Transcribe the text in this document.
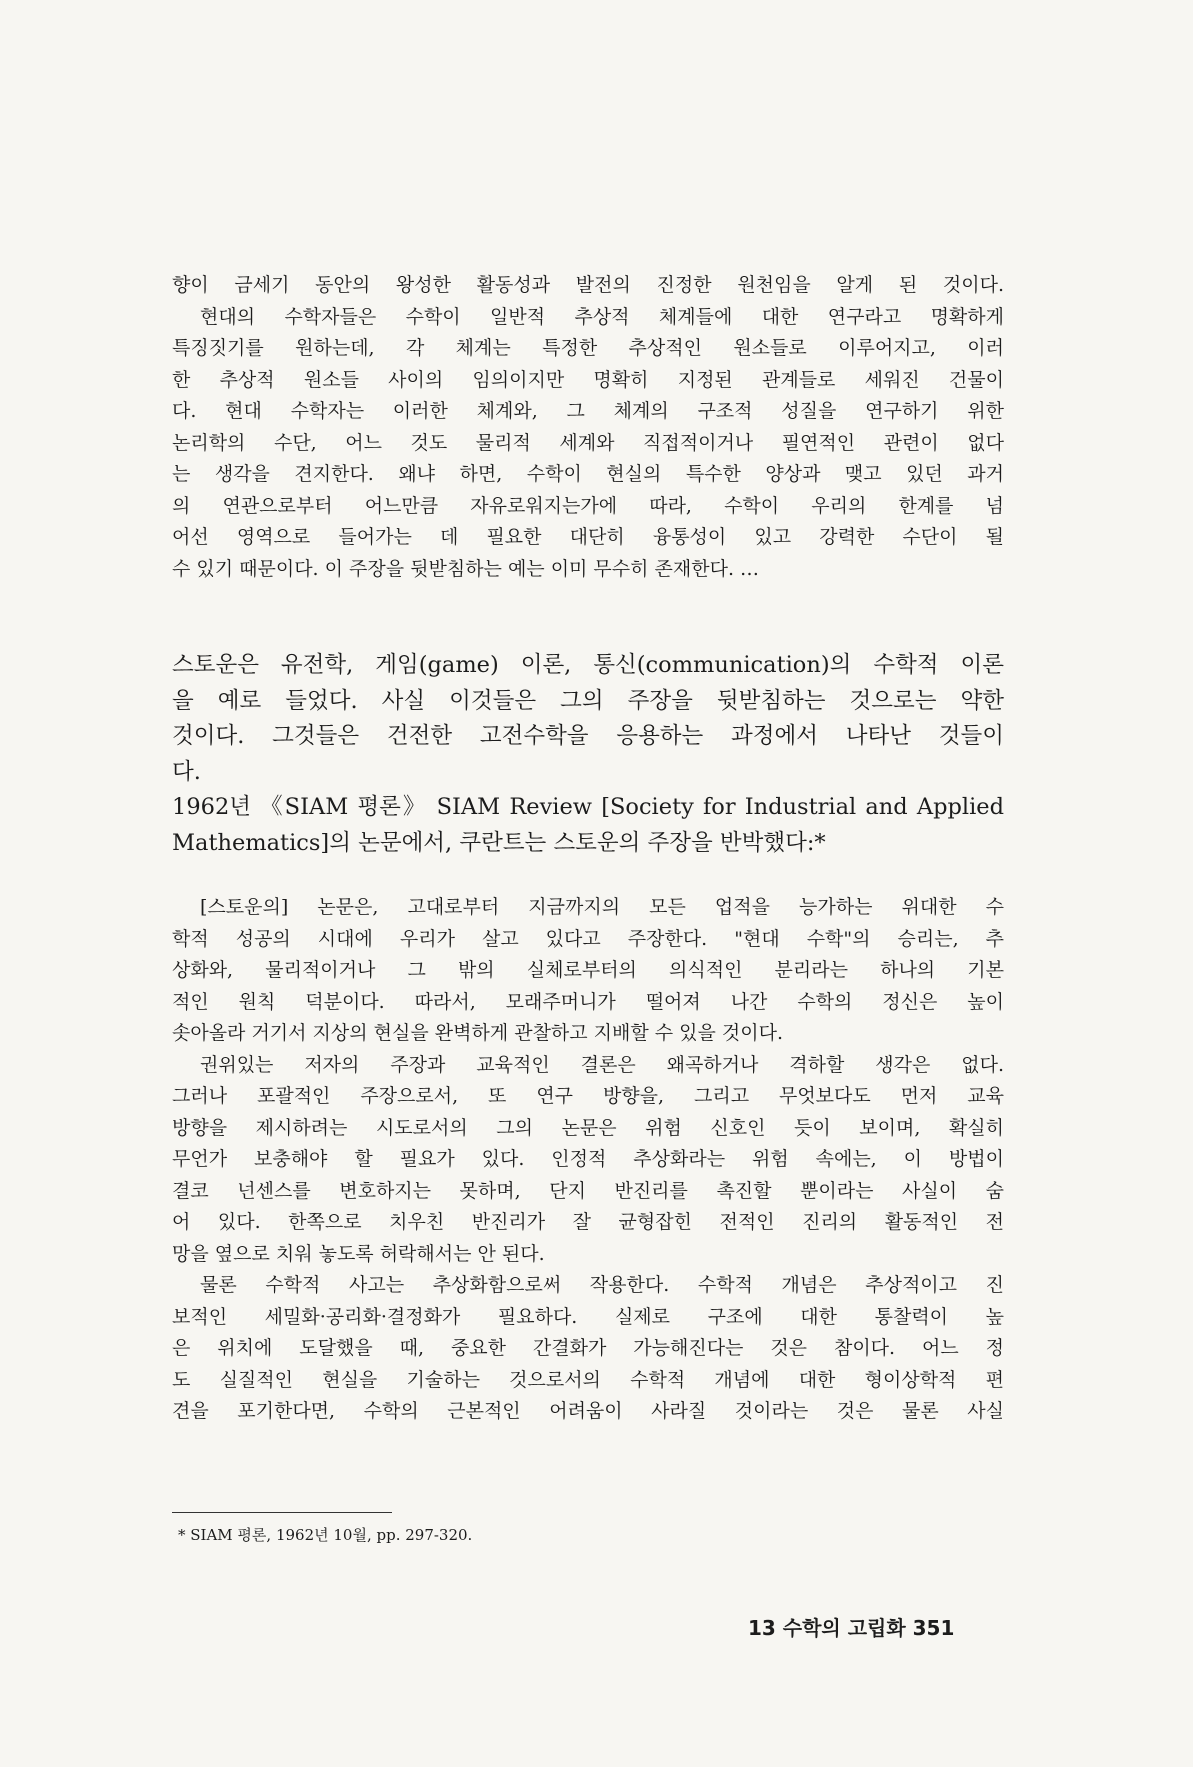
향이 금세기 동안의 왕성한 활동성과 발전의 진정한 원천임을 알게 된 것이다.
현대의 수학자들은 수학이 일반적 추상적 체계들에 대한 연구라고 명확하게
특징짓기를 원하는데, 각 체계는 특정한 추상적인 원소들로 이루어지고, 이러
한 추상적 원소들 사이의 임의이지만 명확히 지정된 관계들로 세워진 건물이
다. 현대 수학자는 이러한 체계와, 그 체계의 구조적 성질을 연구하기 위한
논리학의 수단, 어느 것도 물리적 세계와 직접적이거나 필연적인 관련이 없다
는 생각을 견지한다. 왜냐 하면, 수학이 현실의 특수한 양상과 맺고 있던 과거
의 연관으로부터 어느만큼 자유로워지는가에 따라, 수학이 우리의 한계를 넘
어선 영역으로 들어가는 데 필요한 대단히 융통성이 있고 강력한 수단이 될
수 있기 때문이다. 이 주장을 뒷받침하는 예는 이미 무수히 존재한다. …
스토운은 유전학, 게임(game) 이론, 통신(communication)의 수학적 이론
을 예로 들었다. 사실 이것들은 그의 주장을 뒷받침하는 것으로는 약한
것이다. 그것들은 건전한 고전수학을 응용하는 과정에서 나타난 것들이
다.
1962년 《SIAM 평론》 SIAM Review [Society for Industrial and Applied
Mathematics]의 논문에서, 쿠란트는 스토운의 주장을 반박했다:*
[스토운의] 논문은, 고대로부터 지금까지의 모든 업적을 능가하는 위대한 수
학적 성공의 시대에 우리가 살고 있다고 주장한다. "현대 수학"의 승리는, 추
상화와, 물리적이거나 그 밖의 실체로부터의 의식적인 분리라는 하나의 기본
적인 원칙 덕분이다. 따라서, 모래주머니가 떨어져 나간 수학의 정신은 높이
솟아올라 거기서 지상의 현실을 완벽하게 관찰하고 지배할 수 있을 것이다.
권위있는 저자의 주장과 교육적인 결론은 왜곡하거나 격하할 생각은 없다.
그러나 포괄적인 주장으로서, 또 연구 방향을, 그리고 무엇보다도 먼저 교육
방향을 제시하려는 시도로서의 그의 논문은 위험 신호인 듯이 보이며, 확실히
무언가 보충해야 할 필요가 있다. 인정적 추상화라는 위험 속에는, 이 방법이
결코 넌센스를 변호하지는 못하며, 단지 반진리를 촉진할 뿐이라는 사실이 숨
어 있다. 한쪽으로 치우친 반진리가 잘 균형잡힌 전적인 진리의 활동적인 전
망을 옆으로 치워 놓도록 허락해서는 안 된다.
물론 수학적 사고는 추상화함으로써 작용한다. 수학적 개념은 추상적이고 진
보적인 세밀화·공리화·결정화가 필요하다. 실제로 구조에 대한 통찰력이 높
은 위치에 도달했을 때, 중요한 간결화가 가능해진다는 것은 참이다. 어느 정
도 실질적인 현실을 기술하는 것으로서의 수학적 개념에 대한 형이상학적 편
견을 포기한다면, 수학의 근본적인 어려움이 사라질 것이라는 것은 물론 사실
* SIAM 평론, 1962년 10월, pp. 297-320.
13 수학의 고립화 351
